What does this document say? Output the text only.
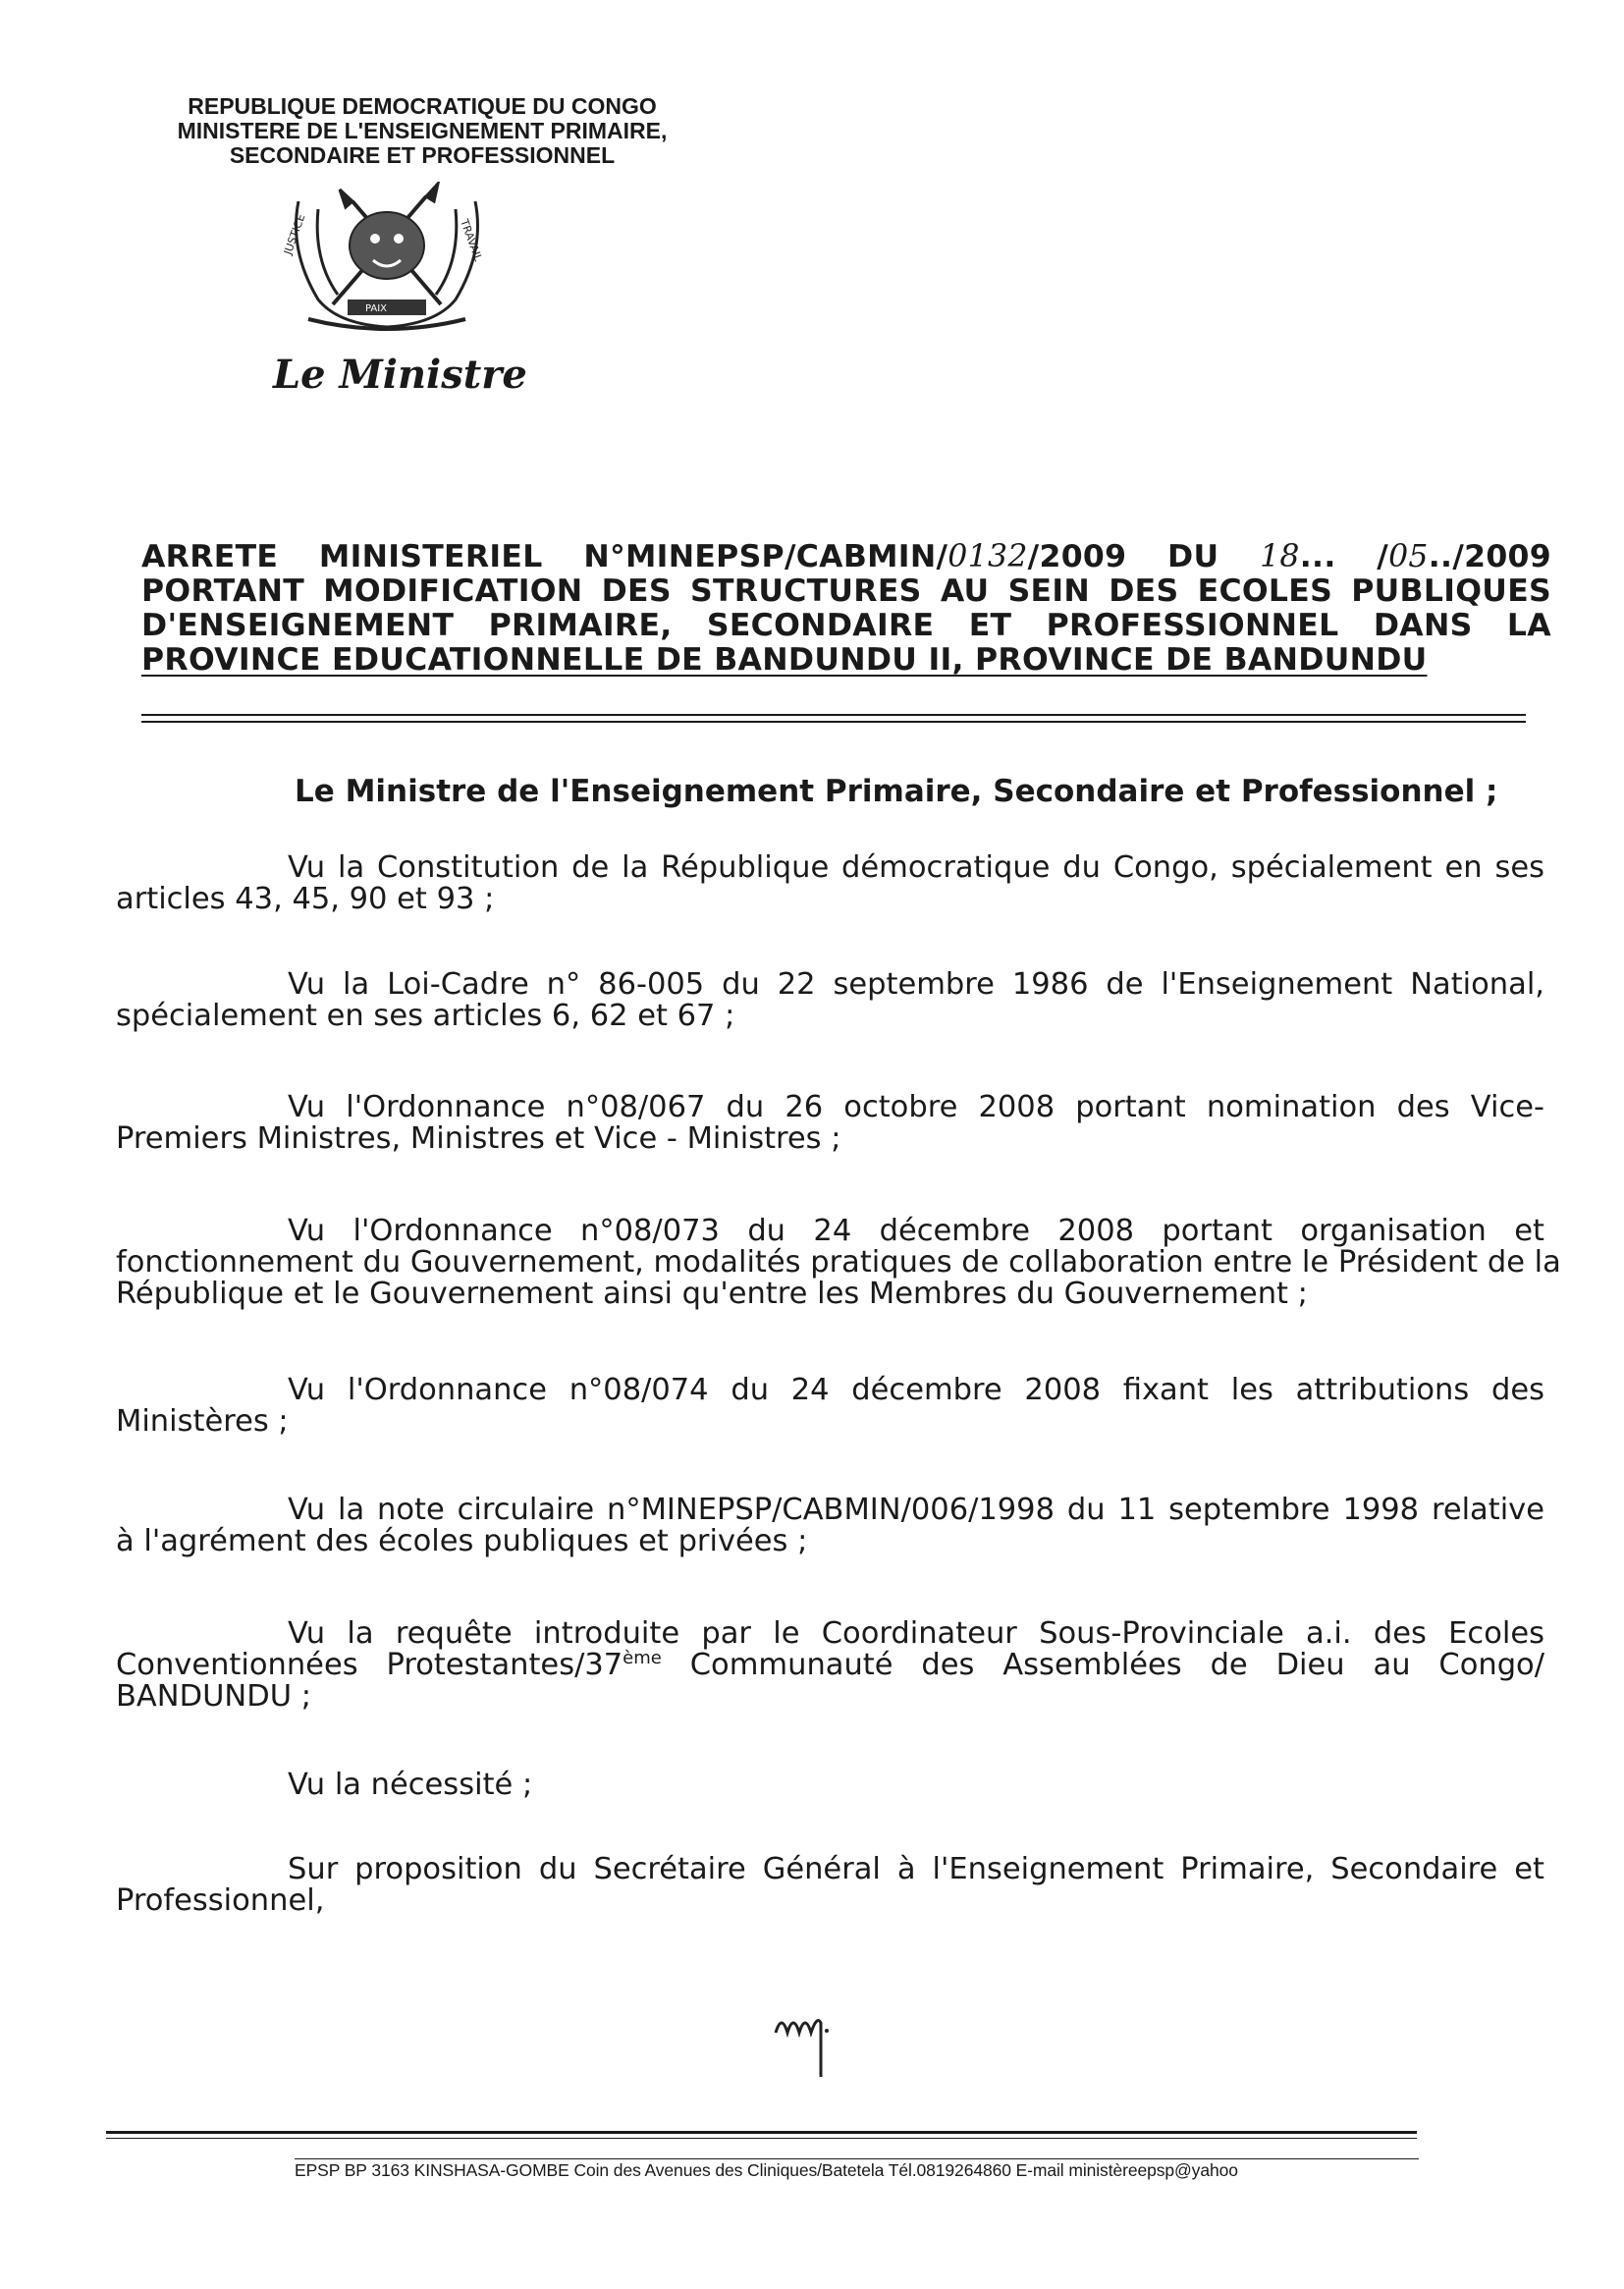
REPUBLIQUE DEMOCRATIQUE DU CONGO
MINISTERE DE L'ENSEIGNEMENT PRIMAIRE,
SECONDAIRE ET PROFESSIONNEL
JUSTICE
PAIX
TRAVAIL
Le Ministre
ARRETE MINISTERIEL N°MINEPSP/CABMIN/0132/2009 DU 18... /05../2009
PORTANT MODIFICATION DES STRUCTURES AU SEIN DES ECOLES PUBLIQUES
D'ENSEIGNEMENT PRIMAIRE, SECONDAIRE ET PROFESSIONNEL DANS LA
PROVINCE EDUCATIONNELLE DE BANDUNDU II, PROVINCE DE BANDUNDU
Le Ministre de l'Enseignement Primaire, Secondaire et Professionnel ;
Vu la Constitution de la République démocratique du Congo, spécialement en ses
articles 43, 45, 90 et 93 ;
Vu la Loi-Cadre n° 86-005 du 22 septembre 1986 de l'Enseignement National,
spécialement en ses articles 6, 62 et 67 ;
Vu l'Ordonnance n°08/067 du 26 octobre 2008 portant nomination des Vice-
Premiers Ministres, Ministres et Vice - Ministres ;
Vu l'Ordonnance n°08/073 du 24 décembre 2008 portant organisation et
fonctionnement du Gouvernement, modalités pratiques de collaboration entre le Président de la
République et le Gouvernement ainsi qu'entre les Membres du Gouvernement ;
Vu l'Ordonnance n°08/074 du 24 décembre 2008 fixant les attributions des
Ministères ;
Vu la note circulaire n°MINEPSP/CABMIN/006/1998 du 11 septembre 1998 relative
à l'agrément des écoles publiques et privées ;
Vu la requête introduite par le Coordinateur Sous-Provinciale a.i. des Ecoles
Conventionnées Protestantes/37ème Communauté des Assemblées de Dieu au Congo/
BANDUNDU ;
Vu la nécessité ;
Sur proposition du Secrétaire Général à l'Enseignement Primaire, Secondaire et
Professionnel,
EPSP BP 3163 KINSHASA-GOMBE Coin des Avenues des Cliniques/Batetela Tél.0819264860 E-mail ministèreepsp@yahoo
